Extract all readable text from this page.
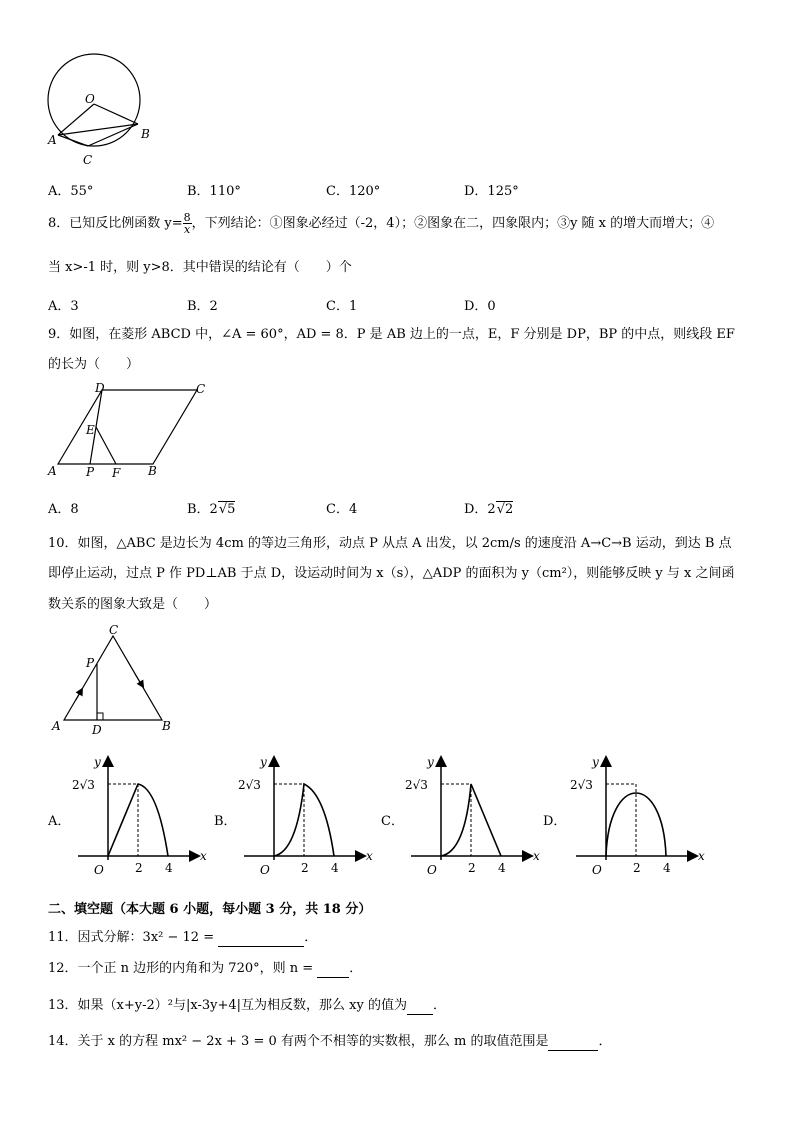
O
A	B
C
A．55°	B．110°	C．120°	D．125°
8．已知反比例函数 $y= \frac{8}{x}$ ，下列结论：①图象必经过（-2，4）；②图象在二，四象限内；③y 随 x 的增大而增大；④
当 x>-1 时，则 y>8．其中错误的结论有（　　）个
A．3	B．2	C．1	D．0
9．如图，在菱形 ABCD 中，∠A = 60°，AD = 8．P 是 AB 边上的一点，E，F 分别是 DP，BP 的中点，则线段 EF
的长为（　　）
A P F B
D	C
E
A．8	B．2√5	C．4	D．2√2
10．如图，△ABC 是边长为 4cm 的等边三角形，动点 P 从点 A 出发，以 2cm/s 的速度沿 A→C→B 运动，到达 B 点
即停止运动，过点 P 作 PD⊥AB 于点 D，设运动时间为 x（s），△ADP 的面积为 y（cm²），则能够反映 y 与 x 之间函
数关系的图象大致是（　　）
C
P
A	D	B
A．	B．	C．	D．
2√3
2 4
O
x
y
2√3
2 4
O
x
y
2√3
2 4
O
x
y
2√3
2 4
O
x
y
二、填空题（本大题 6 小题，每小题 3 分，共 18 分）
11．因式分解：3x² − 12 =	．
12．一个正 n 边形的内角和为 720°，则 n =  ．
13．如果（x+y-2）²与|x-3y+4|互为相反数，那么 xy 的值为 ．
14．关于 x 的方程 mx² − 2x + 3 = 0 有两个不相等的实数根，那么 m 的取值范围是	．
